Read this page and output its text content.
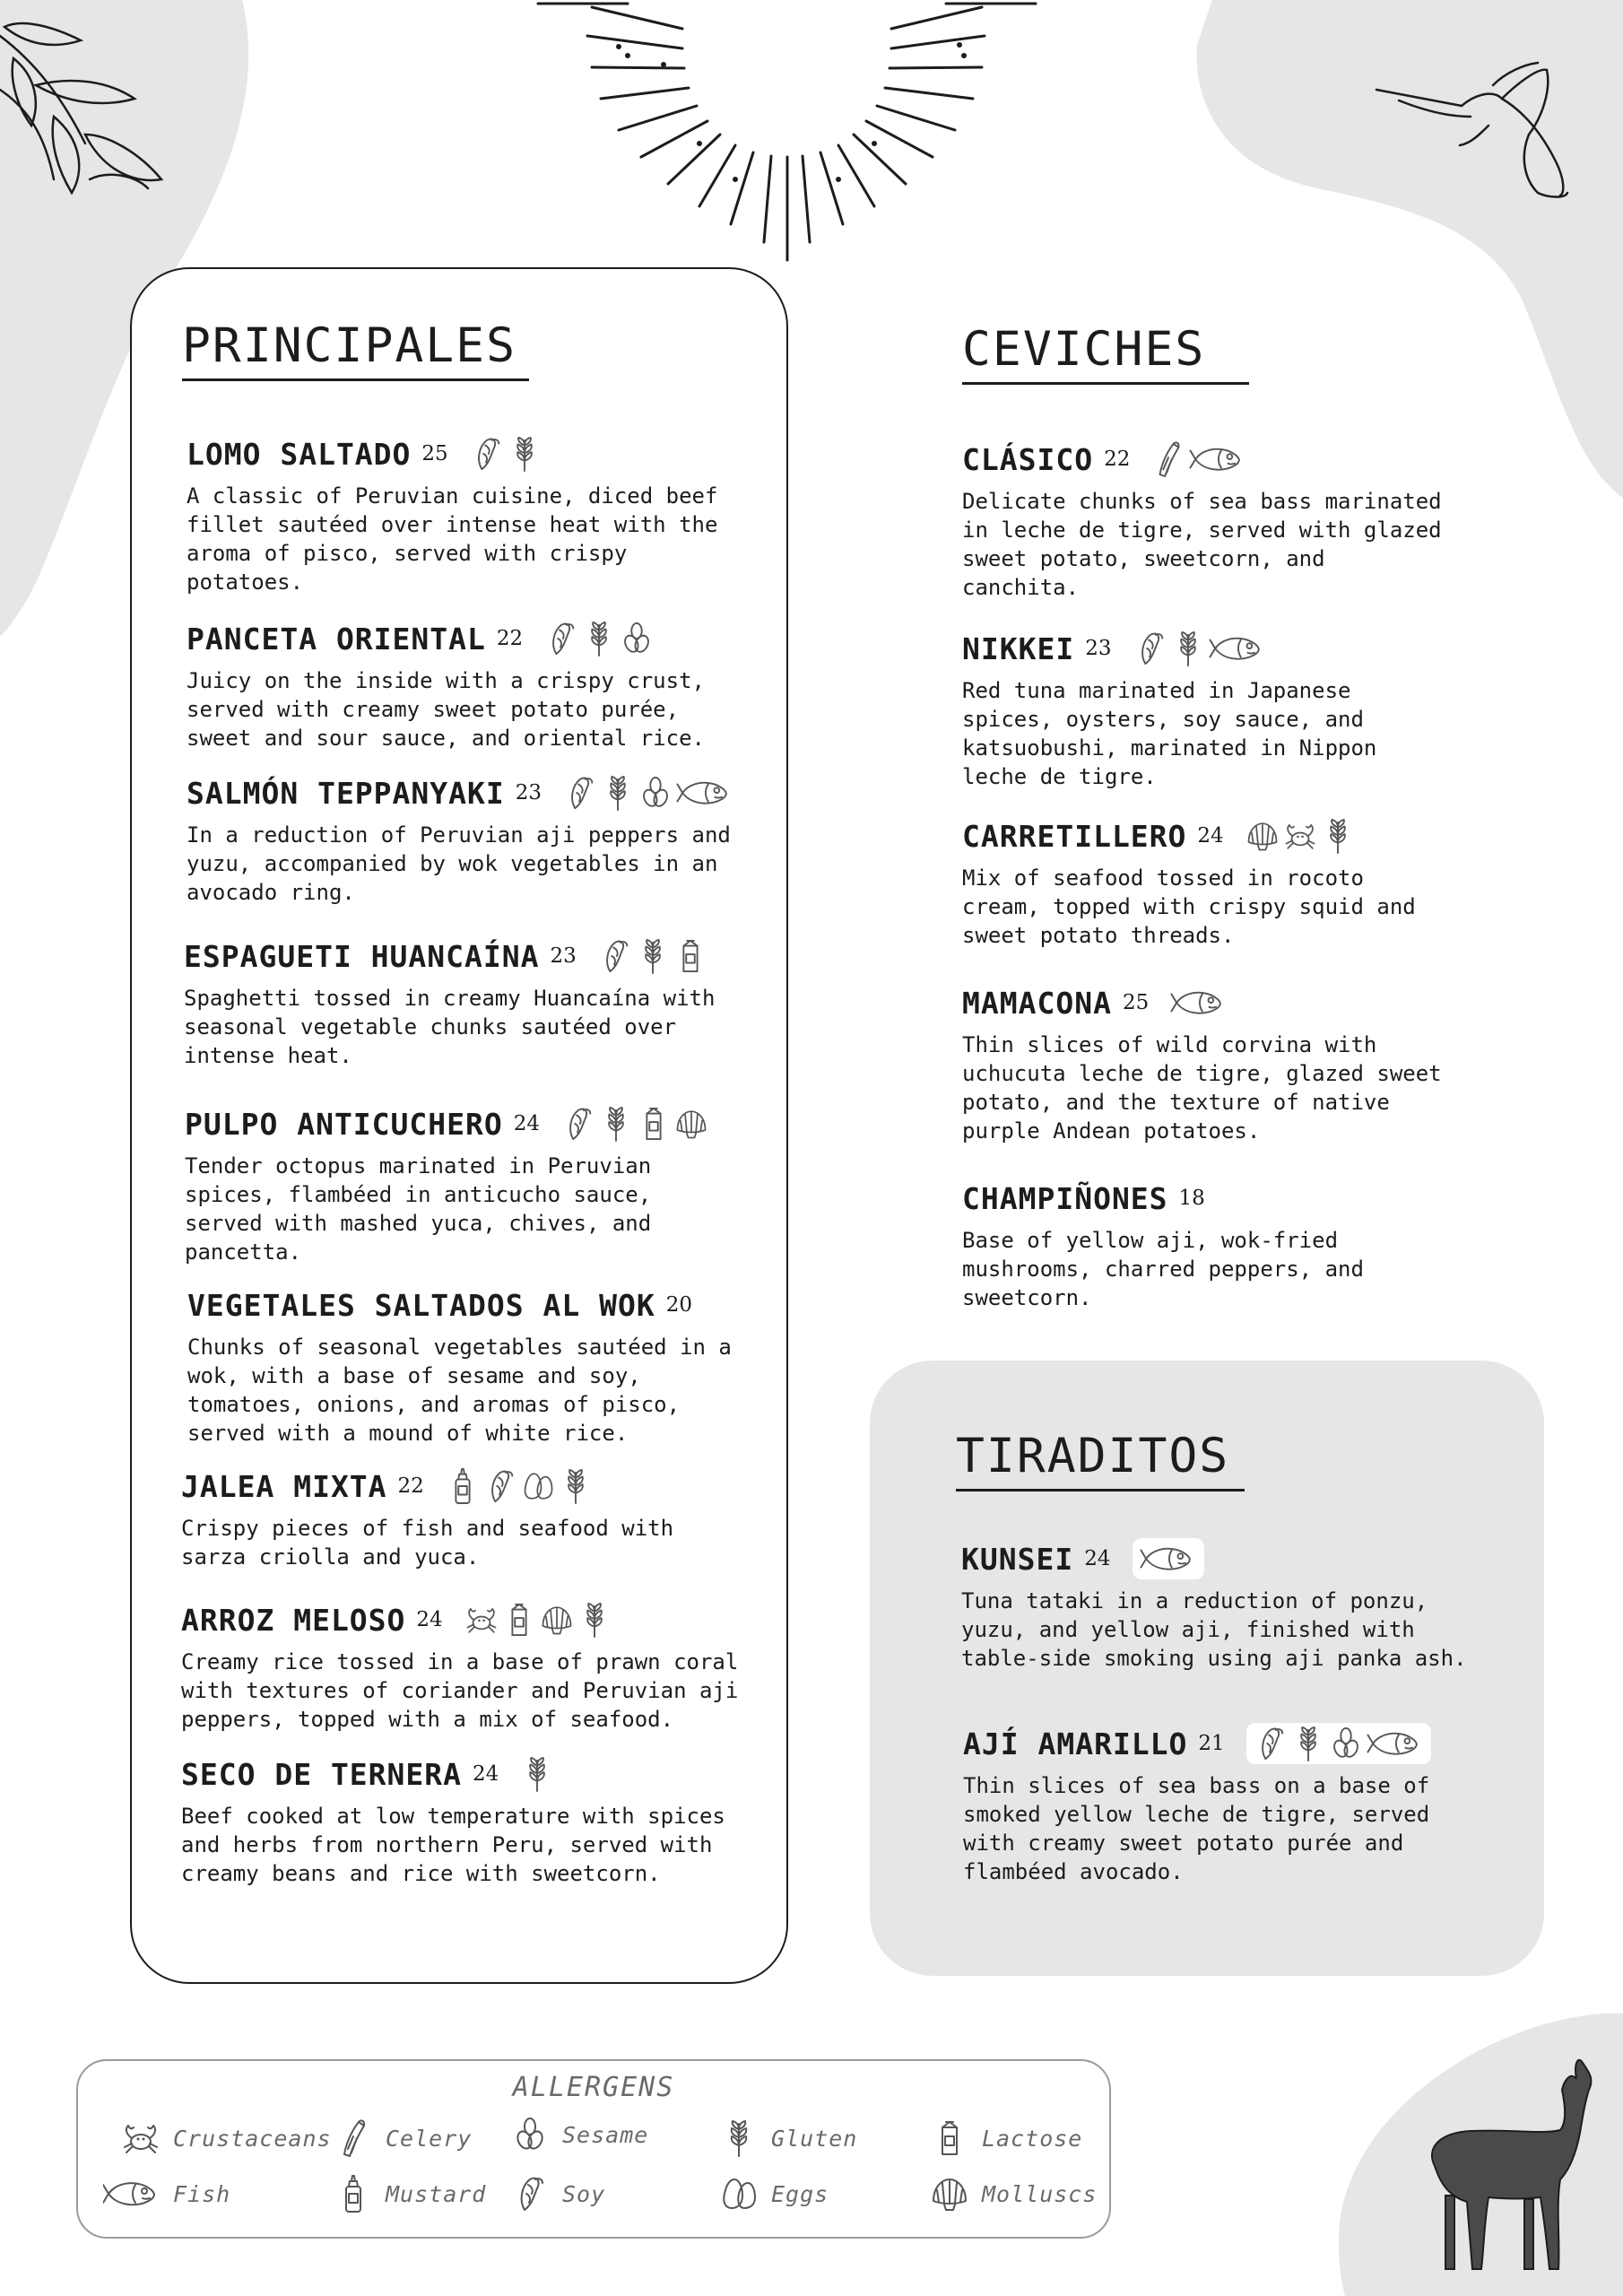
PRINCIPALES
LOMO SALTADO 25
A classic of Peruvian cuisine, diced beef
fillet sautéed over intense heat with the
aroma of pisco, served with crispy
potatoes.
PANCETA ORIENTAL 22
Juicy on the inside with a crispy crust,
served with creamy sweet potato purée,
sweet and sour sauce, and oriental rice.
SALMÓN TEPPANYAKI 23
In a reduction of Peruvian aji peppers and
yuzu, accompanied by wok vegetables in an
avocado ring.
ESPAGUETI HUANCAÍNA 23
Spaghetti tossed in creamy Huancaína with
seasonal vegetable chunks sautéed over
intense heat.
PULPO ANTICUCHERO 24
Tender octopus marinated in Peruvian
spices, flambéed in anticucho sauce,
served with mashed yuca, chives, and
pancetta.
VEGETALES SALTADOS AL WOK 20
Chunks of seasonal vegetables sautéed in a
wok, with a base of sesame and soy,
tomatoes, onions, and aromas of pisco,
served with a mound of white rice.
JALEA MIXTA 22
Crispy pieces of fish and seafood with
sarza criolla and yuca.
ARROZ MELOSO 24
Creamy rice tossed in a base of prawn coral
with textures of coriander and Peruvian aji
peppers, topped with a mix of seafood.
SECO DE TERNERA 24
Beef cooked at low temperature with spices
and herbs from northern Peru, served with
creamy beans and rice with sweetcorn.
CEVICHES
CLÁSICO 22
Delicate chunks of sea bass marinated
in leche de tigre, served with glazed
sweet potato, sweetcorn, and
canchita.
NIKKEI 23
Red tuna marinated in Japanese
spices, oysters, soy sauce, and
katsuobushi, marinated in Nippon
leche de tigre.
CARRETILLERO 24
Mix of seafood tossed in rocoto
cream, topped with crispy squid and
sweet potato threads.
MAMACONA 25
Thin slices of wild corvina with
uchucuta leche de tigre, glazed sweet
potato, and the texture of native
purple Andean potatoes.
CHAMPIÑONES 18
Base of yellow aji, wok-fried
mushrooms, charred peppers, and
sweetcorn.
TIRADITOS
KUNSEI 24
Tuna tataki in a reduction of ponzu,
yuzu, and yellow aji, finished with
table-side smoking using aji panka ash.
AJÍ AMARILLO 21
Thin slices of sea bass on a base of
smoked yellow leche de tigre, served
with creamy sweet potato purée and
flambéed avocado.
ALLERGENS
Crustaceans Celery	Sesame	Gluten	Lactose
Fish	Mustard	Soy	Eggs	Molluscs
